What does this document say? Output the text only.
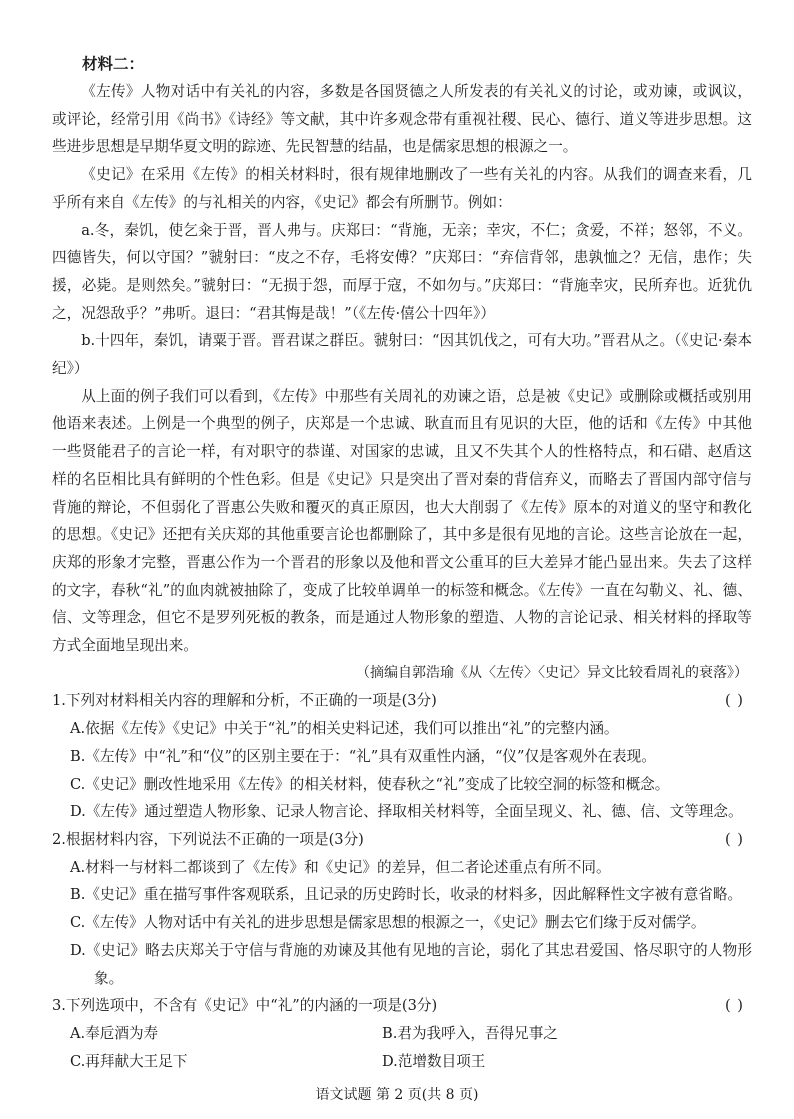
材料二：

《左传》人物对话中有关礼的内容，多数是各国贤德之人所发表的有关礼义的讨论，或劝谏，或讽议，或评论，经常引用《尚书》《诗经》等文献，其中许多观念带有重视社稷、民心、德行、道义等进步思想。这些进步思想是早期华夏文明的踪迹、先民智慧的结晶，也是儒家思想的根源之一。

《史记》在采用《左传》的相关材料时，很有规律地删改了一些有关礼的内容。从我们的调查来看，几乎所有来自《左传》的与礼相关的内容，《史记》都会有所删节。例如：

a.冬，秦饥，使乞籴于晋，晋人弗与。庆郑曰：“背施，无亲；幸灾，不仁；贪爱，不祥；怒邻，不义。四德皆失，何以守国？”虢射曰：“皮之不存，毛将安傅？”庆郑曰：“弃信背邻，患孰恤之？无信，患作；失援，必毙。是则然矣。”虢射曰：“无损于怨，而厚于寇，不如勿与。”庆郑曰：“背施幸灾，民所弃也。近犹仇之，况怨敌乎？”弗听。退曰：“君其悔是哉！”（《左传·僖公十四年》）

b.十四年，秦饥，请粟于晋。晋君谋之群臣。虢射曰：“因其饥伐之，可有大功。”晋君从之。（《史记·秦本纪》）

从上面的例子我们可以看到，《左传》中那些有关周礼的劝谏之语，总是被《史记》或删除或概括或别用他语来表述。上例是一个典型的例子，庆郑是一个忠诚、耿直而且有见识的大臣，他的话和《左传》中其他一些贤能君子的言论一样，有对职守的恭谨、对国家的忠诚，且又不失其个人的性格特点，和石碏、赵盾这样的名臣相比具有鲜明的个性色彩。但是《史记》只是突出了晋对秦的背信弃义，而略去了晋国内部守信与背施的辩论，不但弱化了晋惠公失败和覆灭的真正原因，也大大削弱了《左传》原本的对道义的坚守和教化的思想。《史记》还把有关庆郑的其他重要言论也都删除了，其中多是很有见地的言论。这些言论放在一起，庆郑的形象才完整，晋惠公作为一个晋君的形象以及他和晋文公重耳的巨大差异才能凸显出来。失去了这样的文字，春秋“礼”的血肉就被抽除了，变成了比较单调单一的标签和概念。《左传》一直在勾勒义、礼、德、信、文等理念，但它不是罗列死板的教条，而是通过人物形象的塑造、人物的言论记录、相关材料的择取等方式全面地呈现出来。

（摘编自郭浩瑜《从〈左传〉〈史记〉异文比较看周礼的衰落》）

1.下列对材料相关内容的理解和分析，不正确的一项是(3分)	( )

A.依据《左传》《史记》中关于“礼”的相关史料记述，我们可以推出“礼”的完整内涵。

B.《左传》中“礼”和“仪”的区别主要在于：“礼”具有双重性内涵，“仪”仅是客观外在表现。

C.《史记》删改性地采用《左传》的相关材料，使春秋之“礼”变成了比较空洞的标签和概念。

D.《左传》通过塑造人物形象、记录人物言论、择取相关材料等，全面呈现义、礼、德、信、文等理念。

2.根据材料内容，下列说法不正确的一项是(3分)	( )

A.材料一与材料二都谈到了《左传》和《史记》的差异，但二者论述重点有所不同。

B.《史记》重在描写事件客观联系，且记录的历史跨时长，收录的材料多，因此解释性文字被有意省略。

C.《左传》人物对话中有关礼的进步思想是儒家思想的根源之一，《史记》删去它们缘于反对儒学。

D.《史记》略去庆郑关于守信与背施的劝谏及其他有见地的言论，弱化了其忠君爱国、恪尽职守的人物形象。

3.下列选项中，不含有《史记》中“礼”的内涵的一项是(3分)	( )
A.奉卮酒为寿	B.君为我呼入，吾得兄事之
C.再拜献大王足下	D.范增数目项王
语文试题 第 2 页(共 8 页)
